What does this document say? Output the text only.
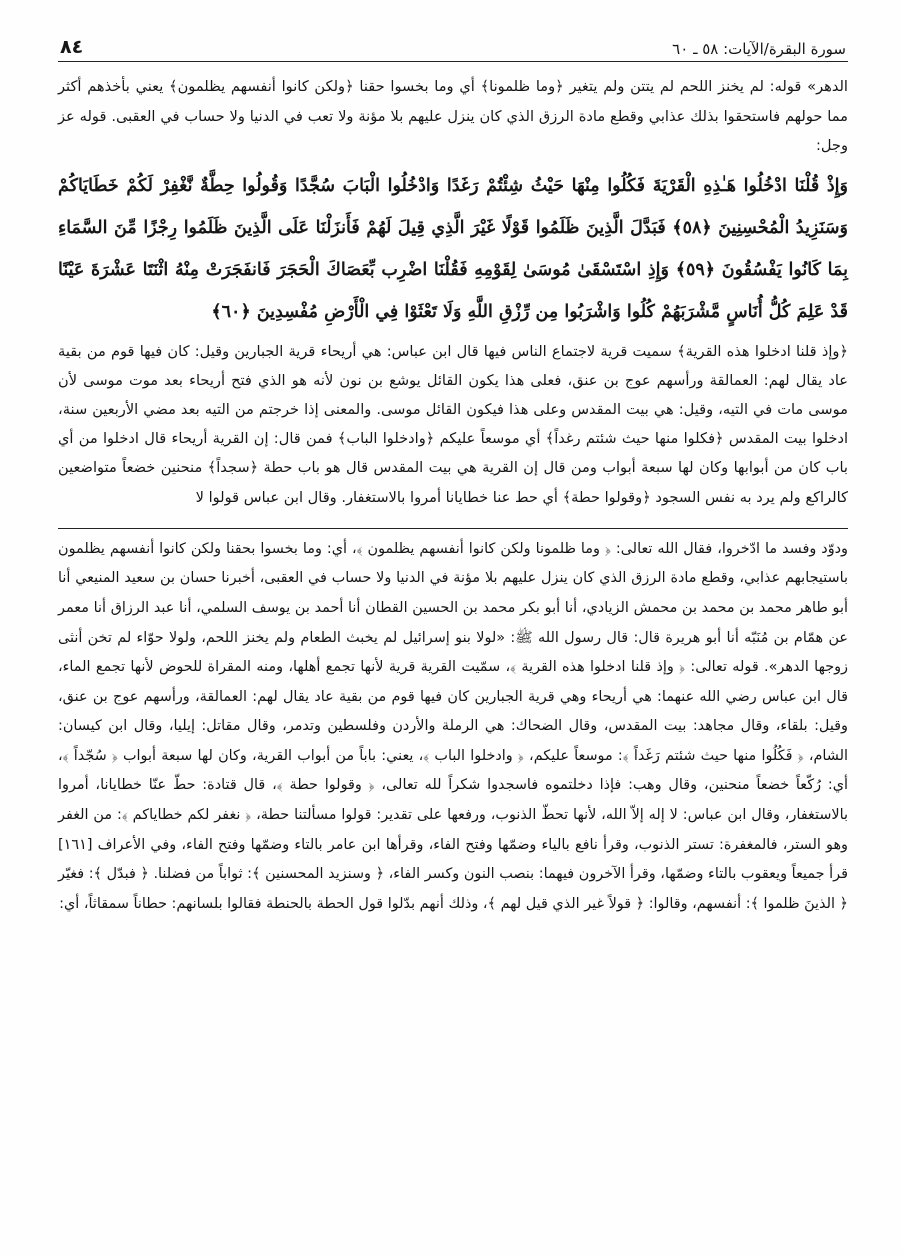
سورة البقرة/الآيات: ٥٨ ـ ٦٠
٨٤
الدهر» قوله: لم يخنز اللحم لم يتتن ولم يتغير ﴿وما ظلمونا﴾ أي وما بخسوا حقنا ﴿ولكن كانوا أنفسهم يظلمون﴾ يعني بأخذهم أكثر مما حولهم فاستحقوا بذلك عذابي وقطع مادة الرزق الذي كان ينزل عليهم بلا مؤنة ولا تعب في الدنيا ولا حساب في العقبى. قوله عز وجل:
وَإِذْ قُلْنَا ادْخُلُوا هَـٰذِهِ الْقَرْيَةَ فَكُلُوا مِنْهَا حَيْثُ شِئْتُمْ رَغَدًا وَادْخُلُوا الْبَابَ سُجَّدًا وَقُولُوا حِطَّةٌ نَّغْفِرْ لَكُمْ خَطَايَاكُمْ وَسَنَزِيدُ الْمُحْسِنِينَ ﴿٥٨﴾ فَبَدَّلَ الَّذِينَ ظَلَمُوا قَوْلًا غَيْرَ الَّذِي قِيلَ لَهُمْ فَأَنزَلْنَا عَلَى الَّذِينَ ظَلَمُوا رِجْزًا مِّنَ السَّمَاءِ بِمَا كَانُوا يَفْسُقُونَ ﴿٥٩﴾ وَإِذِ اسْتَسْقَىٰ مُوسَىٰ لِقَوْمِهِ فَقُلْنَا اضْرِب بِّعَصَاكَ الْحَجَرَ فَانفَجَرَتْ مِنْهُ اثْنَتَا عَشْرَةَ عَيْنًا قَدْ عَلِمَ كُلُّ أُنَاسٍ مَّشْرَبَهُمْ كُلُوا وَاشْرَبُوا مِن رِّزْقِ اللَّهِ وَلَا تَعْثَوْا فِي الْأَرْضِ مُفْسِدِينَ ﴿٦٠﴾
﴿وإذ قلنا ادخلوا هذه القرية﴾ سميت قرية لاجتماع الناس فيها قال ابن عباس: هي أريحاء قرية الجبارين وقيل: كان فيها قوم من بقية عاد يقال لهم: العمالقة ورأسهم عوج بن عنق، فعلى هذا يكون القائل يوشع بن نون لأنه هو الذي فتح أريحاء بعد موت موسى لأن موسى مات في التيه، وقيل: هي بيت المقدس وعلى هذا فيكون القائل موسى. والمعنى إذا خرجتم من التيه بعد مضي الأربعين سنة، ادخلوا بيت المقدس ﴿فكلوا منها حيث شئتم رغداً﴾ أي موسعاً عليكم ﴿وادخلوا الباب﴾ فمن قال: إن القرية أريحاء قال ادخلوا من أي باب كان من أبوابها وكان لها سبعة أبواب ومن قال إن القرية هي بيت المقدس قال هو باب حطة ﴿سجداً﴾ منحنين خضعاً متواضعين كالراكع ولم يرد به نفس السجود ﴿وقولوا حطة﴾ أي حط عنا خطايانا أمروا بالاستغفار. وقال ابن عباس قولوا لا
ودوّد وفسد ما ادّخروا، فقال الله تعالى: ﴿ وما ظلمونا ولكن كانوا أنفسهم يظلمون ﴾، أي: وما بخسوا بحقنا ولكن كانوا أنفسهم يظلمون باستيجابهم عذابي، وقطع مادة الرزق الذي كان ينزل عليهم بلا مؤنة في الدنيا ولا حساب في العقبى، أخبرنا حسان بن سعيد المنيعي أنا أبو طاهر محمد بن محمد بن محمش الزيادي، أنا أبو بكر محمد بن الحسين القطان أنا أحمد بن يوسف السلمي، أنا عبد الرزاق أنا معمر عن همّام بن مُنَبّه أنا أبو هريرة قال: قال رسول الله ﷺ: «لولا بنو إسرائيل لم يخبث الطعام ولم يخنز اللحم، ولولا حوّاء لم تخن أنثى زوجها الدهر». قوله تعالى: ﴿ وإذ قلنا ادخلوا هذه القرية ﴾، سمّيت القرية قرية لأنها تجمع أهلها، ومنه المقراة للحوض لأنها تجمع الماء، قال ابن عباس رضي الله عنهما: هي أريحاء وهي قرية الجبارين كان فيها قوم من بقية عاد يقال لهم: العمالقة، ورأسهم عوج بن عنق، وقيل: بلقاء، وقال مجاهد: بيت المقدس، وقال الضحاك: هي الرملة والأردن وفلسطين وتدمر، وقال مقاتل: إيليا، وقال ابن كيسان: الشام، ﴿ فَكُلُوا منها حيث شئتم رَغَداً ﴾: موسعاً عليكم، ﴿ وادخلوا الباب ﴾، يعني: باباً من أبواب القرية، وكان لها سبعة أبواب ﴿ سُجّداً ﴾، أي: رُكّعاً خضعاً منحنين، وقال وهب: فإذا دخلتموه فاسجدوا شكراً لله تعالى، ﴿ وقولوا حطة ﴾، قال قتادة: حطّ عنّا خطايانا، أمروا بالاستغفار، وقال ابن عباس: لا إله إلاّ الله، لأنها تحطّ الذنوب، ورفعها على تقدير: قولوا مسألتنا حطة، ﴿ نغفر لكم خطاياكم ﴾: من الغفر وهو الستر، فالمغفرة: تستر الذنوب، وقرأ نافع بالياء وضمّها وفتح الفاء، وقرأها ابن عامر بالتاء وضمّها وفتح الفاء، وفي الأعراف [١٦١] قرأ جميعاً ويعقوب بالتاء وضمّها، وقرأ الآخرون فيهما: بنصب النون وكسر الفاء، ﴿ وسنزيد المحسنين ﴾: ثواباً من فضلنا. ﴿ فبدّل ﴾: فغيّر ﴿ الذينَ ظلموا ﴾: أنفسهم، وقالوا: ﴿ قولاً غير الذي قيل لهم ﴾، وذلك أنهم بدّلوا قول الحطة بالحنطة فقالوا بلسانهم: حطاناً سمقاثاً، أي:
